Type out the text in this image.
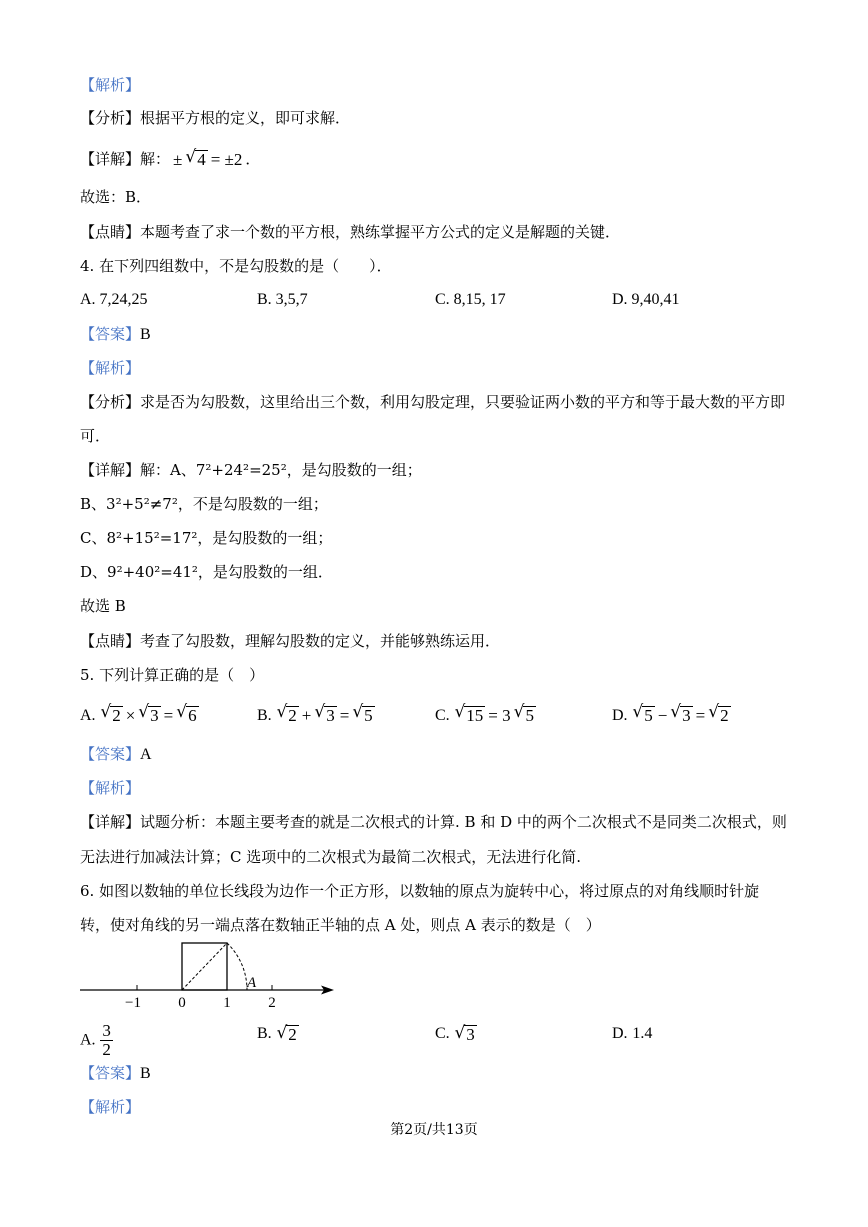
【解析】
【分析】根据平方根的定义，即可求解．
【详解】解： ± √4 = ±2 ．
故选：B．
【点睛】本题考查了求一个数的平方根，熟练掌握平方公式的定义是解题的关键．
4. 在下列四组数中，不是勾股数的是（　　）．
A. 7,24,25	B. 3,5,7	C. 8,15, 17	D. 9,40,41
【答案】B
【解析】
【分析】求是否为勾股数，这里给出三个数，利用勾股定理，只要验证两小数的平方和等于最大数的平方即
可．
【详解】解：A、7²+24²=25²，是勾股数的一组；
B、3²+5²≠7²，不是勾股数的一组；
C、8²+15²=17²，是勾股数的一组；
D、9²+40²=41²，是勾股数的一组．
故选 B
【点睛】考查了勾股数，理解勾股数的定义，并能够熟练运用．
5. 下列计算正确的是（　）
A. √2 × √3 = √6	B. √2 + √3 = √5	C. √15 = 3 √5	D. √5 − √3 = √2
【答案】A
【解析】
【详解】试题分析：本题主要考查的就是二次根式的计算. B 和 D 中的两个二次根式不是同类二次根式，则
无法进行加减法计算；C 选项中的二次根式为最简二次根式，无法进行化简.
6. 如图以数轴的单位长线段为边作一个正方形，以数轴的原点为旋转中心，将过原点的对角线顺时针旋
转，使对角线的另一端点落在数轴正半轴的点 A 处，则点 A 表示的数是（　）
−1 0	1	2
A
A. $\frac{3}{2}$	B. √2	C. √3	D. 1.4
【答案】B
【解析】
第2页/共13页
